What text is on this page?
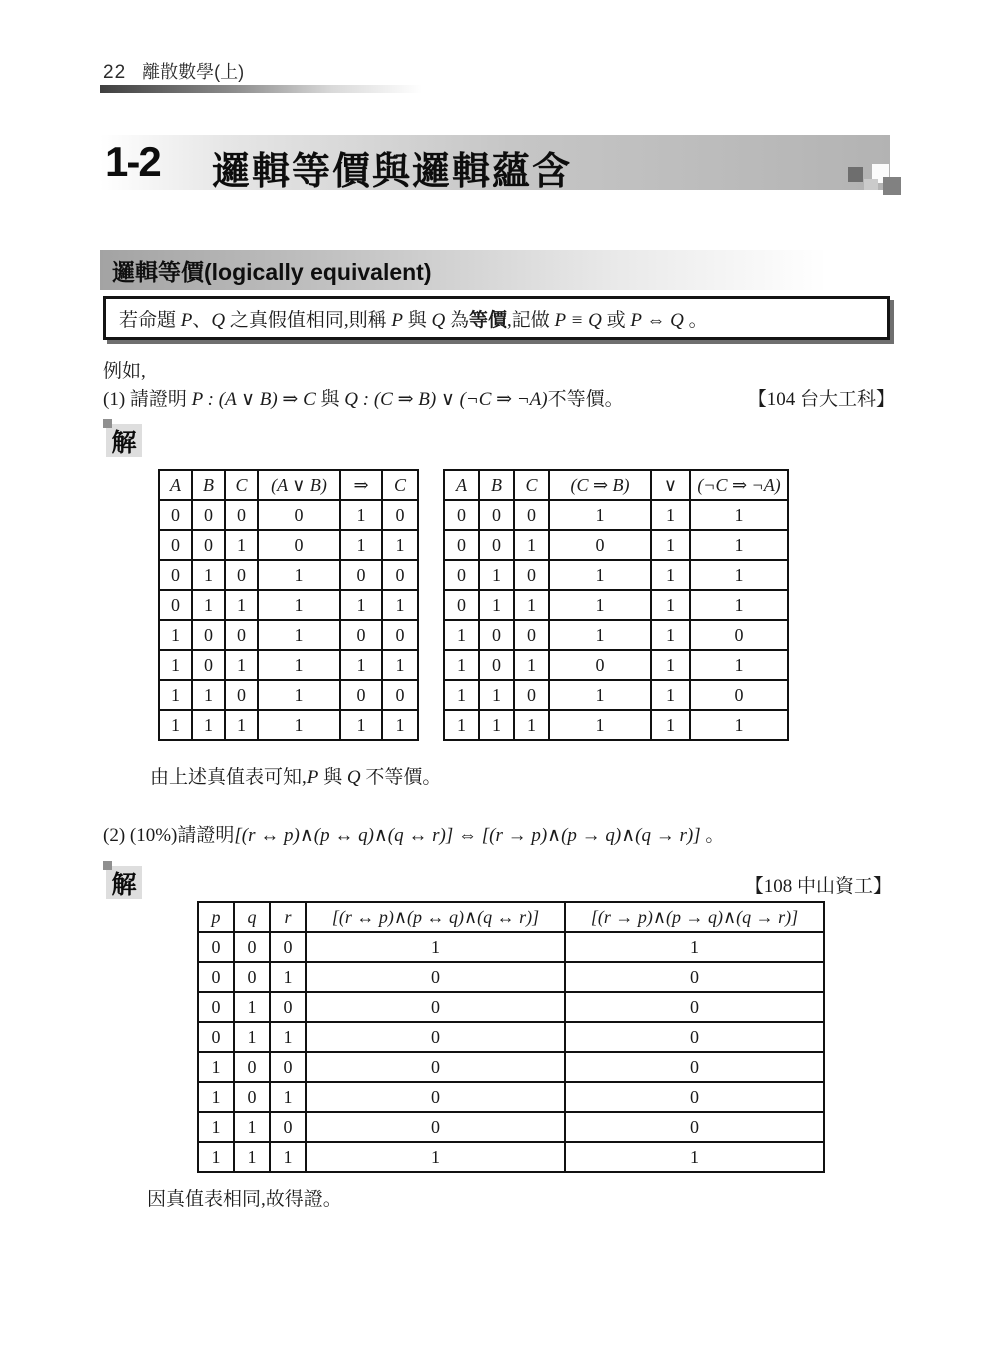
22 離散數學(上)
1-2 邏輯等價與邏輯蘊含
邏輯等價(logically equivalent)
若命題 P、Q 之真假值相同,則稱 P 與 Q 為等價,記做 P ≡ Q 或 P ⇔ Q 。
例如,
(1) 請證明 P : (A ∨ B) ⇒ C 與 Q : (C ⇒ B) ∨ (¬C ⇒ ¬A)不等價。	【104 台大工科】
解
A	B	C	(A ∨ B)	⇒	C
0	0	0	0	1	0
0	0	1	0	1	1
0	1	0	1	0	0
0	1	1	1	1	1
1	0	0	1	0	0
1	0	1	1	1	1
1	1	0	1	0	0
1	1	1	1	1	1
A	B	C	(C ⇒ B)	∨	(¬C ⇒ ¬A)
0	0	0	1	1	1
0	0	1	0	1	1
0	1	0	1	1	1
0	1	1	1	1	1
1	0	0	1	1	0
1	0	1	0	1	1
1	1	0	1	1	0
1	1	1	1	1	1
由上述真值表可知,P 與 Q 不等價。
(2) (10%)請證明[(r ↔ p)∧(p ↔ q)∧(q ↔ r)] ⇔ [(r → p)∧(p → q)∧(q → r)] 。
解	【108 中山資工】
p	q	r	[(r ↔ p)∧(p ↔ q)∧(q ↔ r)]	[(r → p)∧(p → q)∧(q → r)]
0	0	0	1	1
0	0	1	0	0
0	1	0	0	0
0	1	1	0	0
1	0	0	0	0
1	0	1	0	0
1	1	0	0	0
1	1	1	1	1
因真值表相同,故得證。
